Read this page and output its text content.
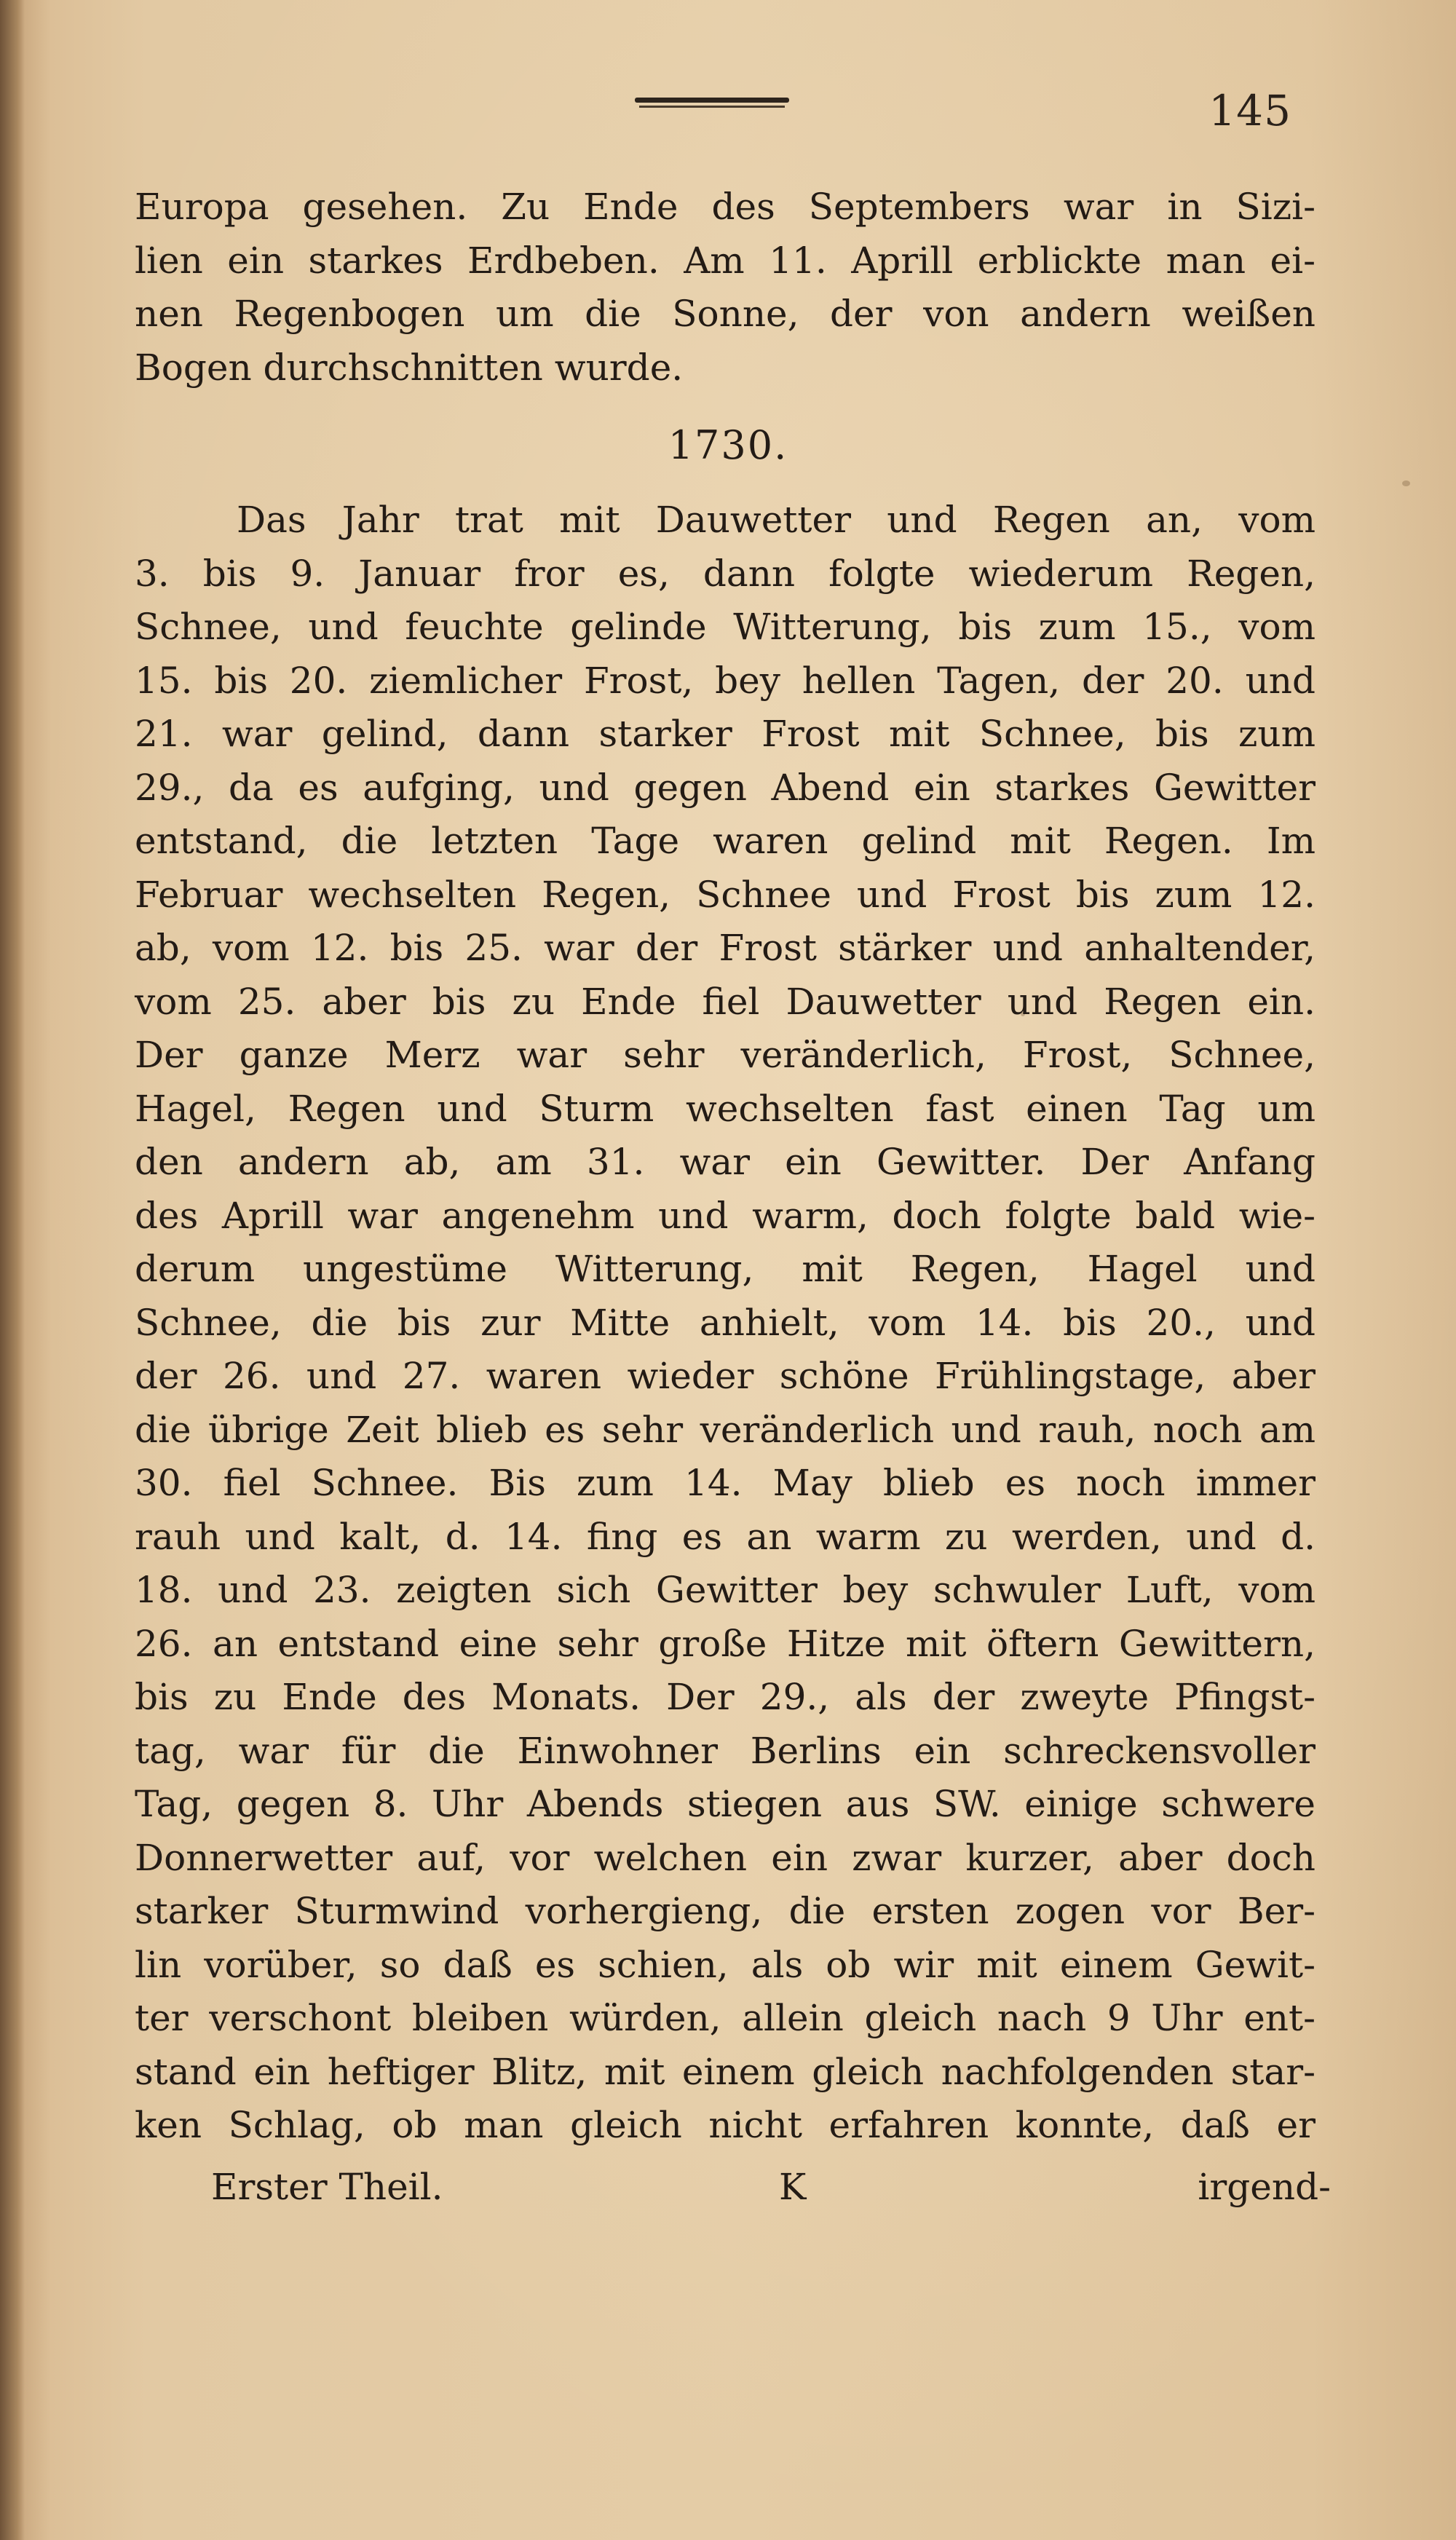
145
Europa gesehen. Zu Ende des Septembers war in Sizi-
lien ein starkes Erdbeben. Am 11. Aprill erblickte man ei-
nen Regenbogen um die Sonne, der von andern weißen
Bogen durchschnitten wurde.
1730.
Das Jahr trat mit Dauwetter und Regen an, vom
3. bis 9. Januar fror es, dann folgte wiederum Regen,
Schnee, und feuchte gelinde Witterung, bis zum 15., vom
15. bis 20. ziemlicher Frost, bey hellen Tagen, der 20. und
21. war gelind, dann starker Frost mit Schnee, bis zum
29., da es aufging, und gegen Abend ein starkes Gewitter
entstand, die letzten Tage waren gelind mit Regen. Im
Februar wechselten Regen, Schnee und Frost bis zum 12.
ab, vom 12. bis 25. war der Frost stärker und anhaltender,
vom 25. aber bis zu Ende fiel Dauwetter und Regen ein.
Der ganze Merz war sehr veränderlich, Frost, Schnee,
Hagel, Regen und Sturm wechselten fast einen Tag um
den andern ab, am 31. war ein Gewitter. Der Anfang
des Aprill war angenehm und warm, doch folgte bald wie-
derum ungestüme Witterung, mit Regen, Hagel und
Schnee, die bis zur Mitte anhielt, vom 14. bis 20., und
der 26. und 27. waren wieder schöne Frühlingstage, aber
die übrige Zeit blieb es sehr veränderlich und rauh, noch am
30. fiel Schnee. Bis zum 14. May blieb es noch immer
rauh und kalt, d. 14. fing es an warm zu werden, und d.
18. und 23. zeigten sich Gewitter bey schwuler Luft, vom
26. an entstand eine sehr große Hitze mit öftern Gewittern,
bis zu Ende des Monats. Der 29., als der zweyte Pfingst-
tag, war für die Einwohner Berlins ein schreckensvoller
Tag, gegen 8. Uhr Abends stiegen aus SW. einige schwere
Donnerwetter auf, vor welchen ein zwar kurzer, aber doch
starker Sturmwind vorhergieng, die ersten zogen vor Ber-
lin vorüber, so daß es schien, als ob wir mit einem Gewit-
ter verschont bleiben würden, allein gleich nach 9 Uhr ent-
stand ein heftiger Blitz, mit einem gleich nachfolgenden star-
ken Schlag, ob man gleich nicht erfahren konnte, daß er
Erster Theil.	K	irgend-
